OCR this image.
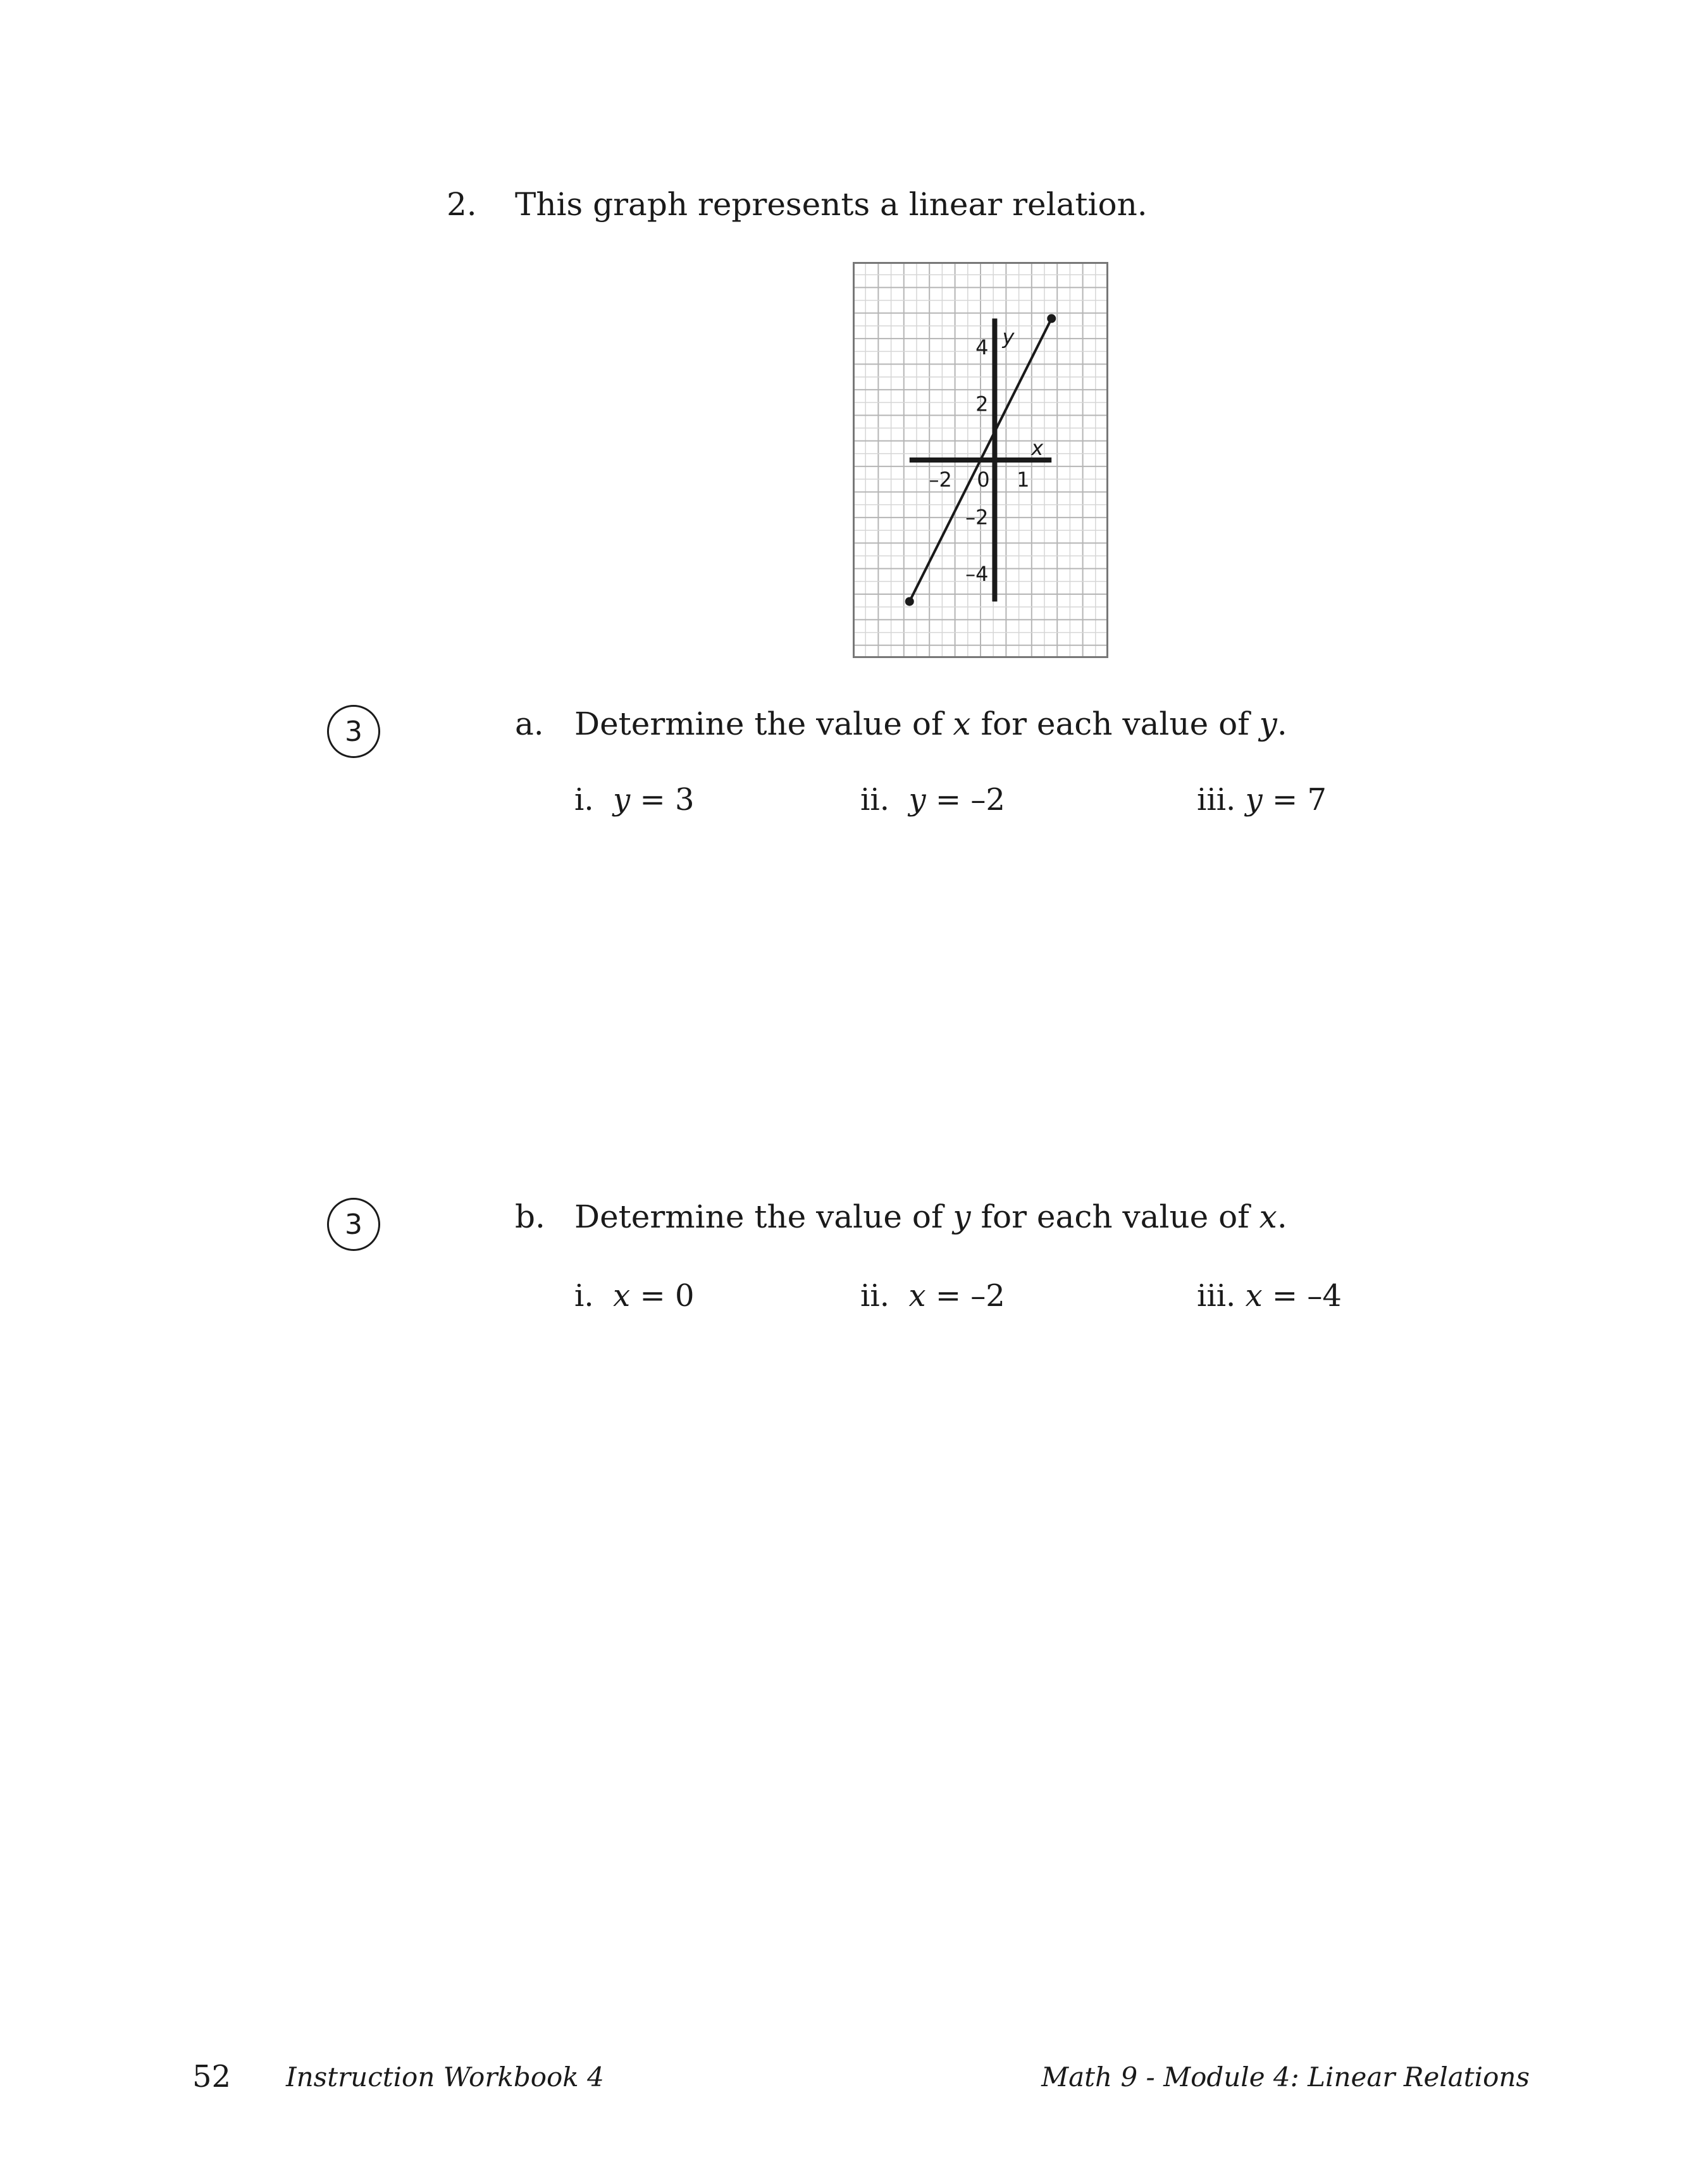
2. This graph represents a linear relation.
x
y
–2 0 1
4
2
–2
–4
3	a. Determine the value of x for each value of y.
i. y = 3	ii. y = –2	iii. y = 7
3	b. Determine the value of y for each value of x.
i. x = 0	ii. x = –2	iii. x = –4
52 Instruction Workbook 4	Math 9 - Module 4: Linear Relations
